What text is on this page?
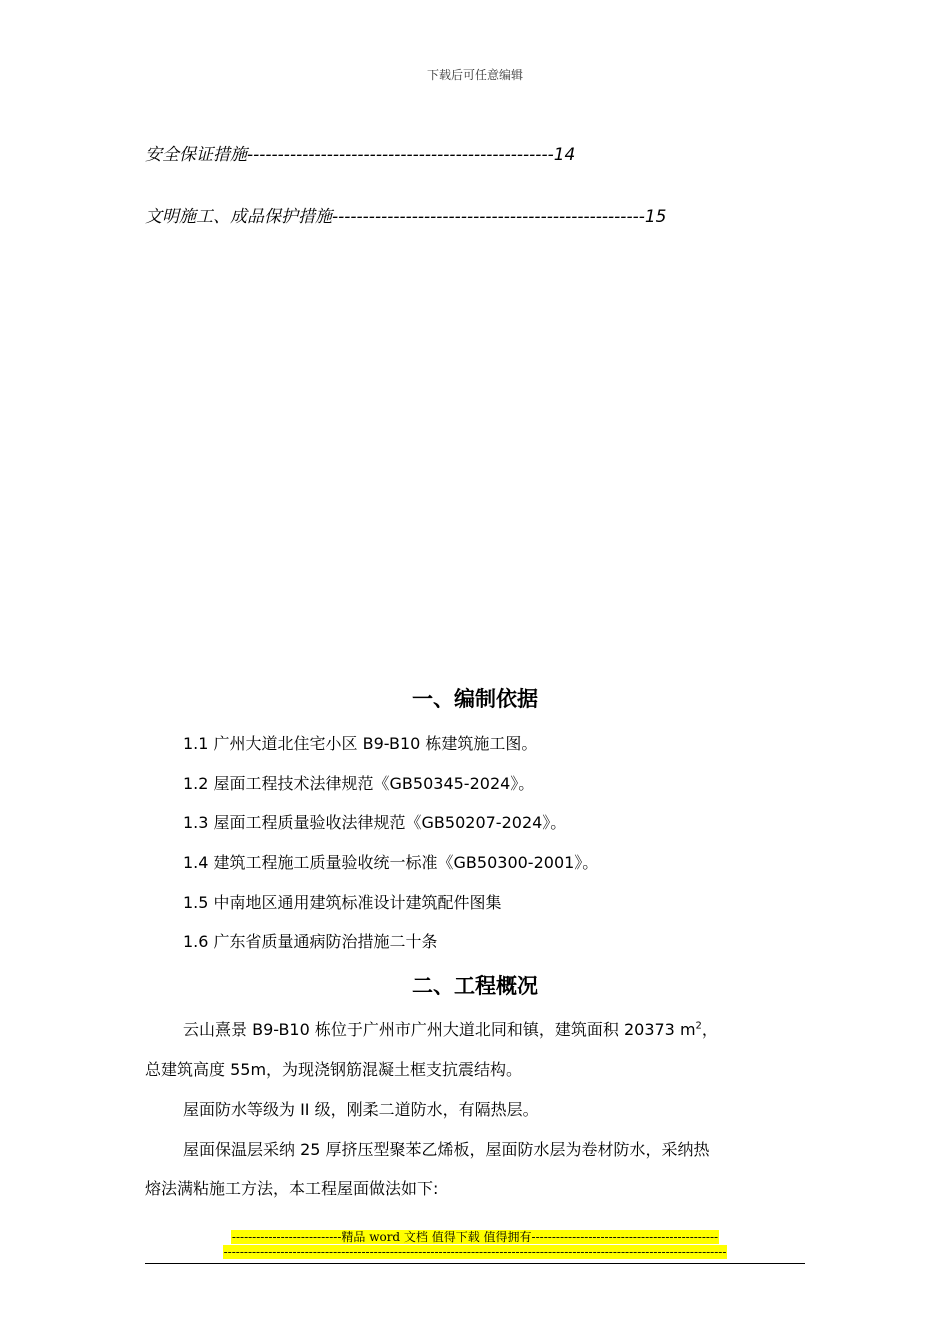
下载后可任意编辑
安全保证措施--------------------------------------------------14
文明施工、成品保护措施---------------------------------------------------15
一、编制依据
1.1 广州大道北住宅小区 B9-B10 栋建筑施工图。
1.2 屋面工程技术法律规范《GB50345-2024》。
1.3 屋面工程质量验收法律规范《GB50207-2024》。
1.4 建筑工程施工质量验收统一标准《GB50300-2001》。
1.5 中南地区通用建筑标准设计建筑配件图集
1.6 广东省质量通病防治措施二十条
二、工程概况
云山熹景 B9-B10 栋位于广州市广州大道北同和镇，建筑面积 20373 $m^2$，
总建筑高度 55m，为现浇钢筋混凝土框支抗震结构。
屋面防水等级为 II 级，刚柔二道防水，有隔热层。
屋面保温层采纳 25 厚挤压型聚苯乙烯板，屋面防水层为卷材防水，采纳热
熔法满粘施工方法，本工程屋面做法如下:
---------------------------精品 word 文档 值得下载 值得拥有----------------------------------------------
----------------------------------------------------------------------------------------------------------------------------
